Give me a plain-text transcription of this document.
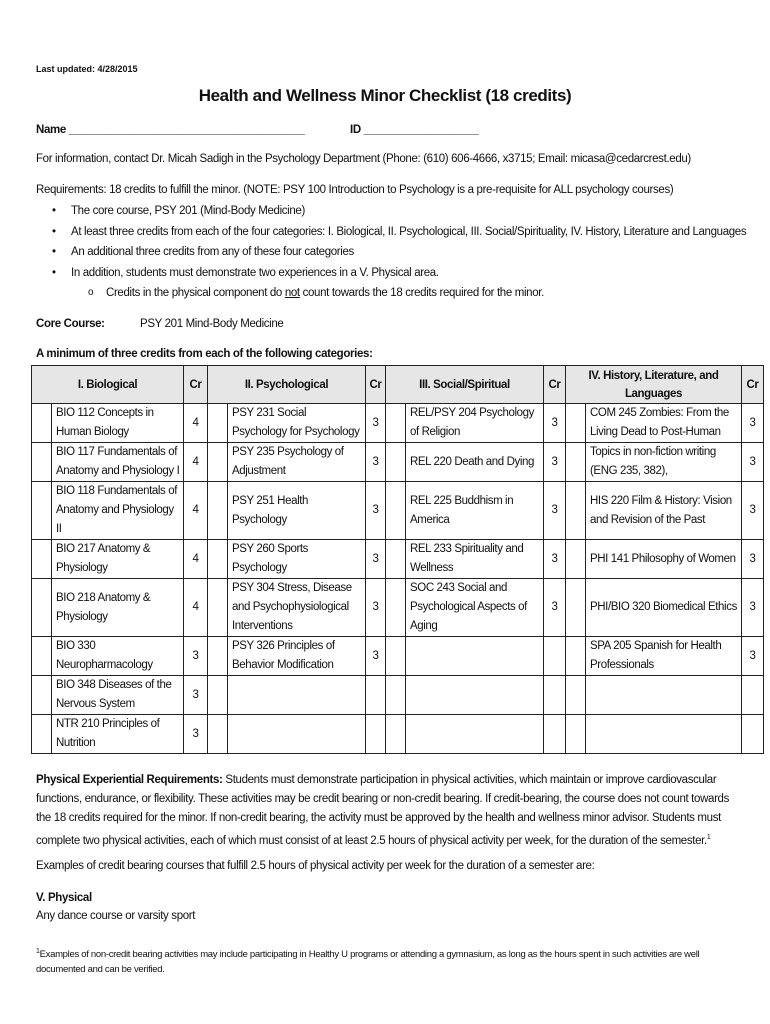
Last updated: 4/28/2015
Health and Wellness Minor Checklist (18 credits)
Name _______________________________________	ID ___________________
For information, contact Dr. Micah Sadigh in the Psychology Department (Phone: (610) 606-4666, x3715; Email: micasa@cedarcrest.edu)
Requirements: 18 credits to fulfill the minor. (NOTE: PSY 100 Introduction to Psychology is a pre-requisite for ALL psychology courses)
• The core course, PSY 201 (Mind-Body Medicine)
• At least three credits from each of the four categories: I. Biological, II. Psychological, III. Social/Spirituality, IV. History, Literature and Languages
• An additional three credits from any of these four categories
• In addition, students must demonstrate two experiences in a V. Physical area.
o Credits in the physical component do not count towards the 18 credits required for the minor.
Core Course:	PSY 201 Mind-Body Medicine
A minimum of three credits from each of the following categories:
I. Biological		Cr	II. Psychological		Cr	III. Social/Spiritual		Cr	IV. History, Literature, and Languages		Cr
	BIO 112 Concepts in Human Biology	4		PSY 231 Social Psychology for Psychology	3		REL/PSY 204 Psychology of Religion	3		COM 245 Zombies: From the Living Dead to Post-Human	3
	BIO 117 Fundamentals of Anatomy and Physiology I	4		PSY 235 Psychology of Adjustment	3		REL 220 Death and Dying	3		Topics in non-fiction writing (ENG 235, 382),	3
	BIO 118 Fundamentals of Anatomy and Physiology II	4		PSY 251 Health Psychology	3		REL 225 Buddhism in America	3		HIS 220 Film & History: Vision and Revision of the Past	3
	BIO 217 Anatomy & Physiology	4		PSY 260 Sports Psychology	3		REL 233 Spirituality and Wellness	3		PHI 141 Philosophy of Women	3
	BIO 218 Anatomy & Physiology	4		PSY 304 Stress, Disease and Psychophysiological Interventions	3		SOC 243 Social and Psychological Aspects of Aging	3		PHI/BIO 320 Biomedical Ethics	3
	BIO 330 Neuropharmacology	3		PSY 326 Principles of Behavior Modification	3					SPA 205 Spanish for Health Professionals	3
	BIO 348 Diseases of the Nervous System	3									
	NTR 210 Principles of Nutrition	3									
Physical Experiential Requirements: Students must demonstrate participation in physical activities, which maintain or improve cardiovascular functions, endurance, or flexibility. These activities may be credit bearing or non-credit bearing. If credit-bearing, the course does not count towards the 18 credits required for the minor. If non-credit bearing, the activity must be approved by the health and wellness minor advisor. Students must complete two physical activities, each of which must consist of at least 2.5 hours of physical activity per week, for the duration of the semester.$^1$
Examples of credit bearing courses that fulfill 2.5 hours of physical activity per week for the duration of a semester are:
V. Physical
Any dance course or varsity sport
$^1$Examples of non-credit bearing activities may include participating in Healthy U programs or attending a gymnasium, as long as the hours spent in such activities are well documented and can be verified.
